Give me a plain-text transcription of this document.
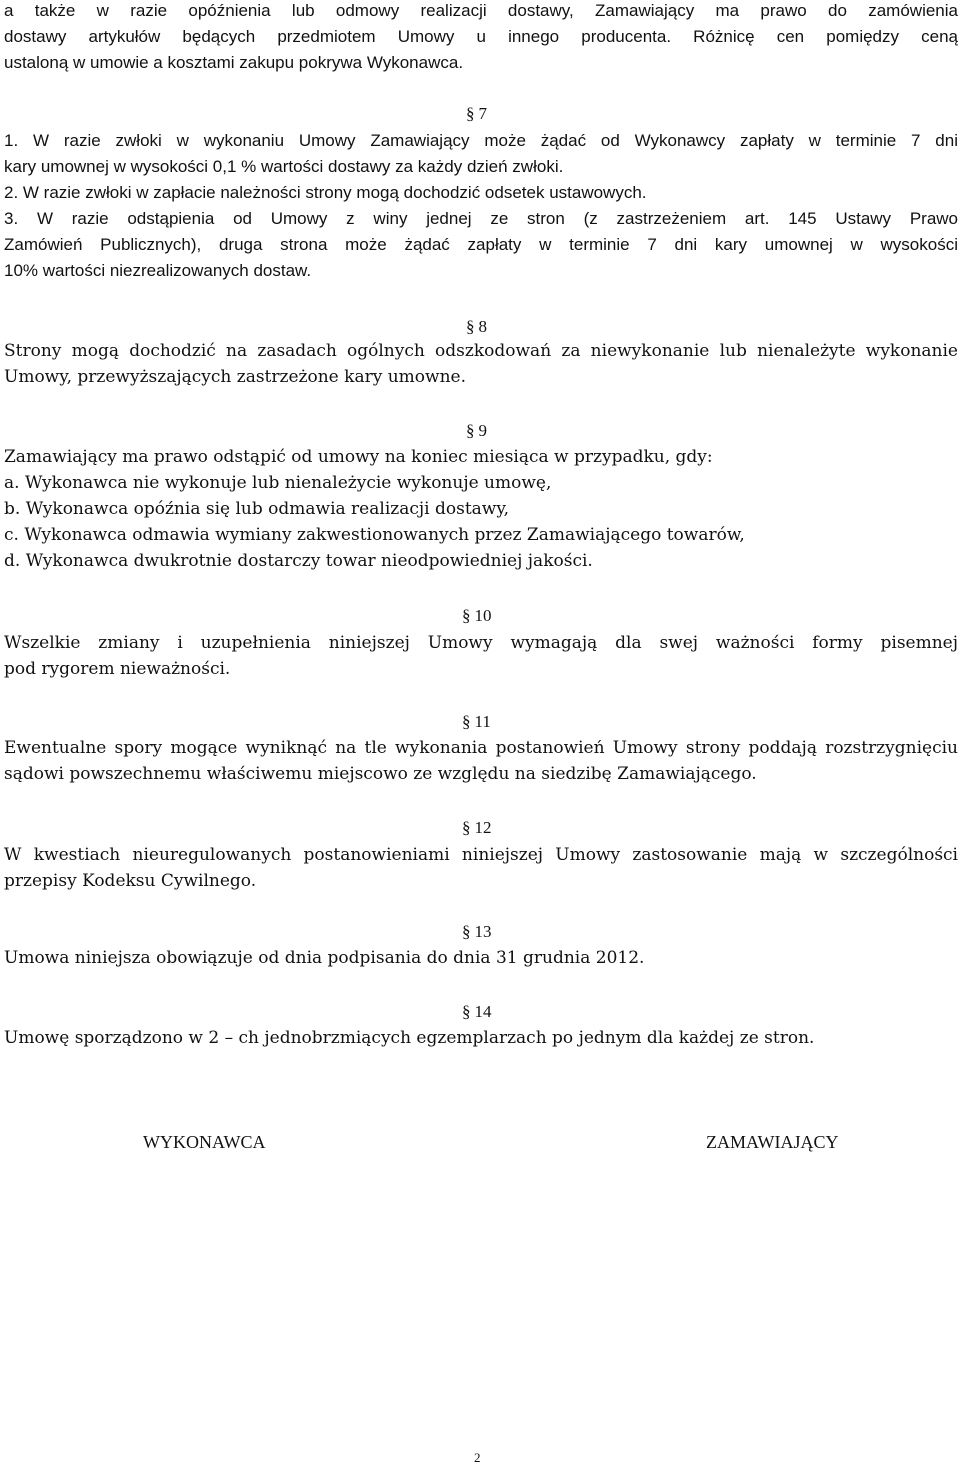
a także w razie opóźnienia lub odmowy realizacji dostawy, Zamawiający ma prawo do zamówienia
dostawy artykułów będących przedmiotem Umowy u innego producenta. Różnicę cen pomiędzy ceną
ustaloną w umowie a kosztami zakupu pokrywa Wykonawca.
§ 7
1. W razie zwłoki w wykonaniu Umowy Zamawiający może żądać od Wykonawcy zapłaty w terminie 7 dni
kary umownej w wysokości 0,1 % wartości dostawy za każdy dzień zwłoki.
2. W razie zwłoki w zapłacie należności strony mogą dochodzić odsetek ustawowych.
3. W razie odstąpienia od Umowy z winy jednej ze stron (z zastrzeżeniem art. 145 Ustawy Prawo
Zamówień Publicznych), druga strona może żądać zapłaty w terminie 7 dni kary umownej w wysokości
10% wartości niezrealizowanych dostaw.
§ 8
Strony mogą dochodzić na zasadach ogólnych odszkodowań za niewykonanie lub nienależyte wykonanie
Umowy, przewyższających zastrzeżone kary umowne.
§ 9
Zamawiający ma prawo odstąpić od umowy na koniec miesiąca w przypadku, gdy:
a. Wykonawca nie wykonuje lub nienależycie wykonuje umowę,
b. Wykonawca opóźnia się lub odmawia realizacji dostawy,
c. Wykonawca odmawia wymiany zakwestionowanych przez Zamawiającego towarów,
d. Wykonawca dwukrotnie dostarczy towar nieodpowiedniej jakości.
§ 10
Wszelkie zmiany i uzupełnienia niniejszej Umowy wymagają dla swej ważności formy pisemnej
pod rygorem nieważności.
§ 11
Ewentualne spory mogące wyniknąć na tle wykonania postanowień Umowy strony poddają rozstrzygnięciu
sądowi powszechnemu właściwemu miejscowo ze względu na siedzibę Zamawiającego.
§ 12
W kwestiach nieuregulowanych postanowieniami niniejszej Umowy zastosowanie mają w szczególności
przepisy Kodeksu Cywilnego.
§ 13
Umowa niniejsza obowiązuje od dnia podpisania do dnia 31 grudnia 2012.
§ 14
Umowę sporządzono w 2 – ch jednobrzmiących egzemplarzach po jednym dla każdej ze stron.
WYKONAWCA	ZAMAWIAJĄCY
2
